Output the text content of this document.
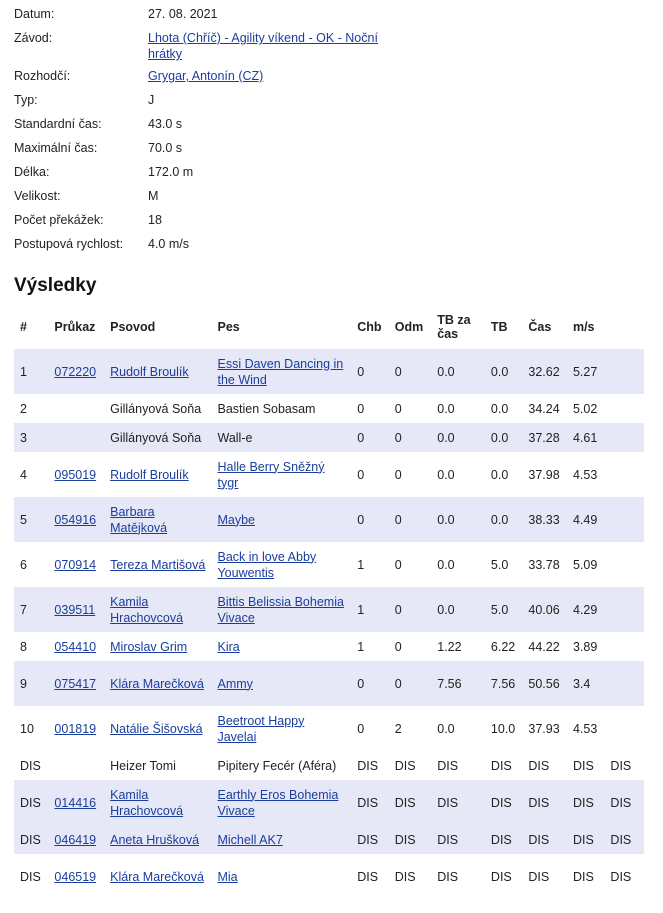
Datum:	27. 08. 2021
Závod:	Lhota (Chříč) - Agility víkend - OK - Noční hrátky
Rozhodčí:	Grygar, Antonín (CZ)
Typ:	J
Standardní čas:	43.0 s
Maximální čas:	70.0 s
Délka:	172.0 m
Velikost:	M
Počet překážek:	18
Postupová rychlost:	4.0 m/s
Výsledky
#	Průkaz	Psovod	Pes	Chb	Odm	TB za čas	TB	Čas	m/s	
1	072220	Rudolf Broulík	Essi Daven Dancing in the Wind	0	0	0.0	0.0	32.62	5.27	
2		Gillányová Soňa	Bastien Sobasam	0	0	0.0	0.0	34.24	5.02	
3		Gillányová Soňa	Wall-e	0	0	0.0	0.0	37.28	4.61	
4	095019	Rudolf Broulík	Halle Berry Sněžný tygr	0	0	0.0	0.0	37.98	4.53	
5	054916	Barbara Matějková	Maybe	0	0	0.0	0.0	38.33	4.49	
6	070914	Tereza Martišová	Back in love Abby Youwentis	1	0	0.0	5.0	33.78	5.09	
7	039511	Kamila Hrachovcová	Bittis Belissia Bohemia Vivace	1	0	0.0	5.0	40.06	4.29	
8	054410	Miroslav Grim	Kira	1	0	1.22	6.22	44.22	3.89	
9	075417	Klára Marečková	Ammy	0	0	7.56	7.56	50.56	3.4	
10	001819	Natálie Šišovská	Beetroot Happy Javelai	0	2	0.0	10.0	37.93	4.53	
DIS		Heizer Tomi	Pipitery Fecér (Aféra)	DIS	DIS	DIS	DIS	DIS	DIS	DIS
DIS	014416	Kamila Hrachovcová	Earthly Eros Bohemia Vivace	DIS	DIS	DIS	DIS	DIS	DIS	DIS
DIS	046419	Aneta Hrušková	Michell AK7	DIS	DIS	DIS	DIS	DIS	DIS	DIS
DIS	046519	Klára Marečková	Mia	DIS	DIS	DIS	DIS	DIS	DIS	DIS
